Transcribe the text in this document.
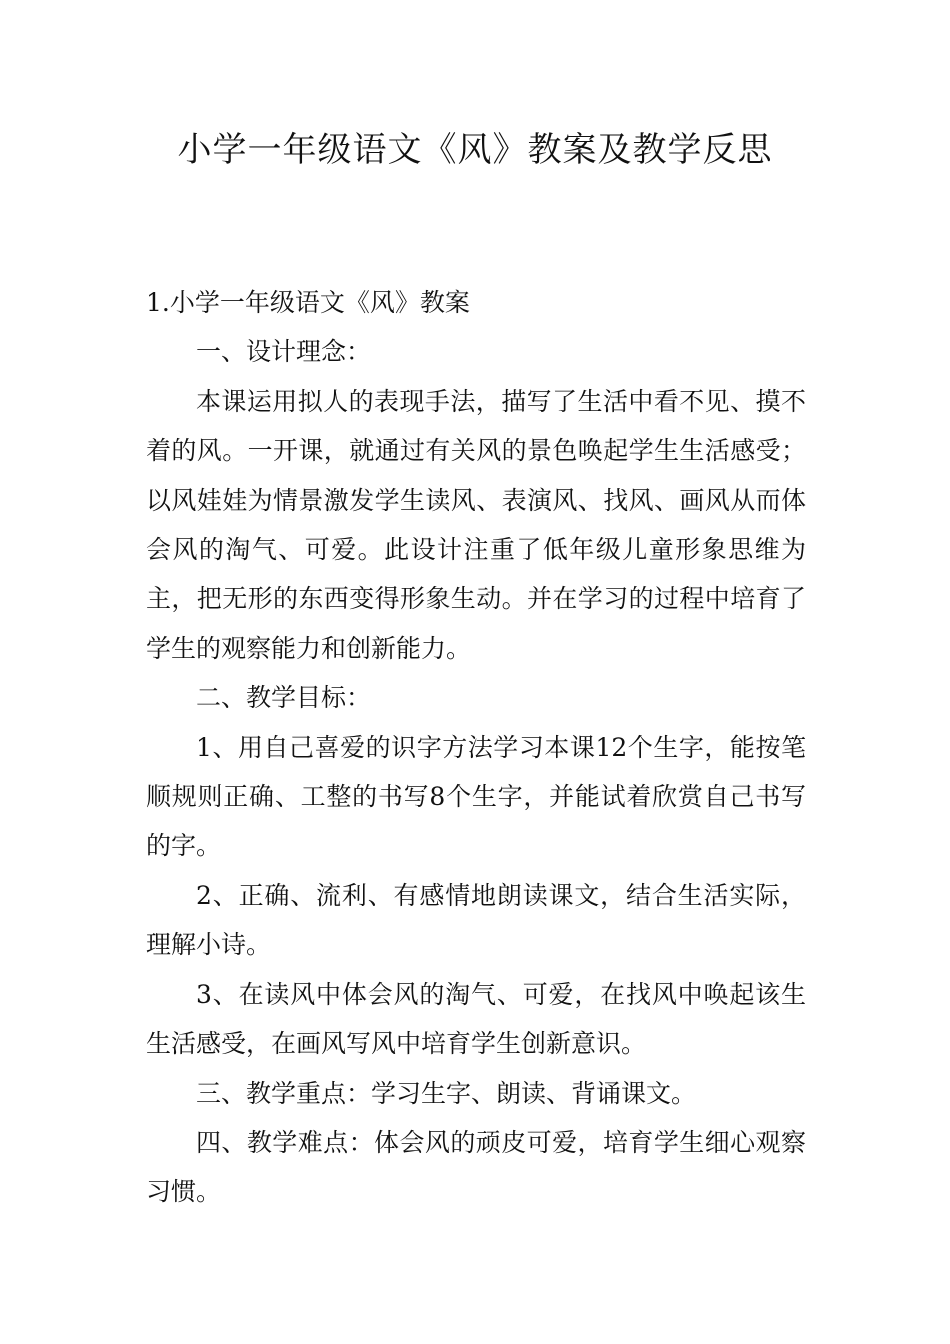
小学一年级语文《风》教案及教学反思

1.小学一年级语文《风》教案

一、设计理念：

本课运用拟人的表现手法，描写了生活中看不见、摸不着的风。一开课，就通过有关风的景色唤起学生生活感受；以风娃娃为情景激发学生读风、表演风、找风、画风从而体会风的淘气、可爱。此设计注重了低年级儿童形象思维为主，把无形的东西变得形象生动。并在学习的过程中培育了学生的观察能力和创新能力。

二、教学目标：

1、用自己喜爱的识字方法学习本课12个生字，能按笔顺规则正确、工整的书写8个生字，并能试着欣赏自己书写的字。

2、正确、流利、有感情地朗读课文，结合生活实际，理解小诗。

3、在读风中体会风的淘气、可爱，在找风中唤起该生生活感受，在画风写风中培育学生创新意识。

三、教学重点：学习生字、朗读、背诵课文。

四、教学难点：体会风的顽皮可爱，培育学生细心观察习惯。
